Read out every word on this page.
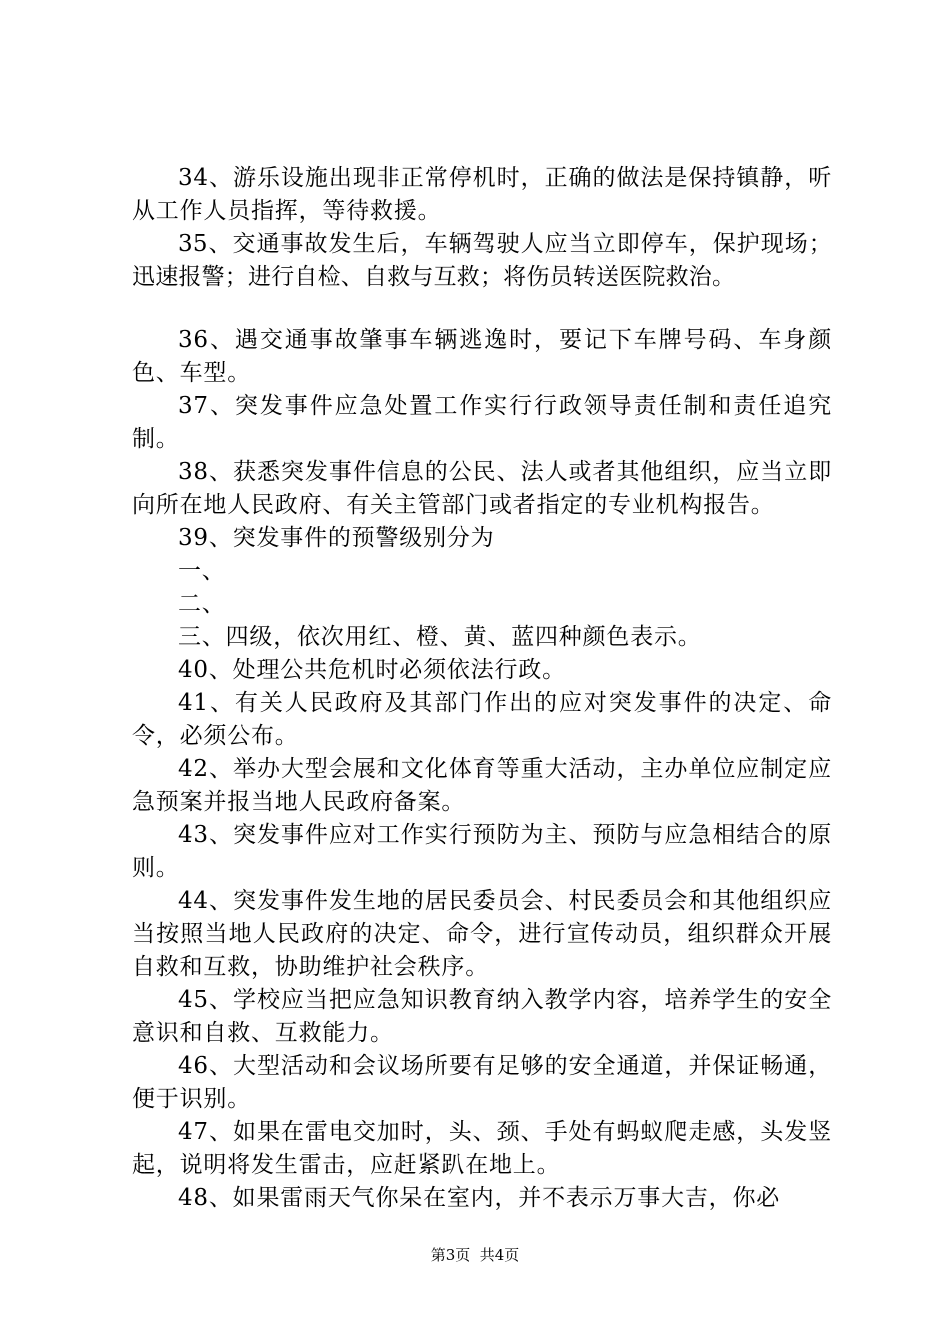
34、游乐设施出现非正常停机时，正确的做法是保持镇静，听从工作人员指挥，等待救援。

35、交通事故发生后，车辆驾驶人应当立即停车，保护现场；迅速报警；进行自检、自救与互救；将伤员转送医院救治。

36、遇交通事故肇事车辆逃逸时，要记下车牌号码、车身颜色、车型。

37、突发事件应急处置工作实行行政领导责任制和责任追究制。

38、获悉突发事件信息的公民、法人或者其他组织，应当立即向所在地人民政府、有关主管部门或者指定的专业机构报告。

39、突发事件的预警级别分为

一、

二、

三、四级，依次用红、橙、黄、蓝四种颜色表示。

40、处理公共危机时必须依法行政。

41、有关人民政府及其部门作出的应对突发事件的决定、命令，必须公布。

42、举办大型会展和文化体育等重大活动，主办单位应制定应急预案并报当地人民政府备案。

43、突发事件应对工作实行预防为主、预防与应急相结合的原则。

44、突发事件发生地的居民委员会、村民委员会和其他组织应当按照当地人民政府的决定、命令，进行宣传动员，组织群众开展自救和互救，协助维护社会秩序。

45、学校应当把应急知识教育纳入教学内容，培养学生的安全意识和自救、互救能力。

46、大型活动和会议场所要有足够的安全通道，并保证畅通，便于识别。

47、如果在雷电交加时，头、颈、手处有蚂蚁爬走感，头发竖起，说明将发生雷击，应赶紧趴在地上。

48、如果雷雨天气你呆在室内，并不表示万事大吉，你必

第3页  共4页
